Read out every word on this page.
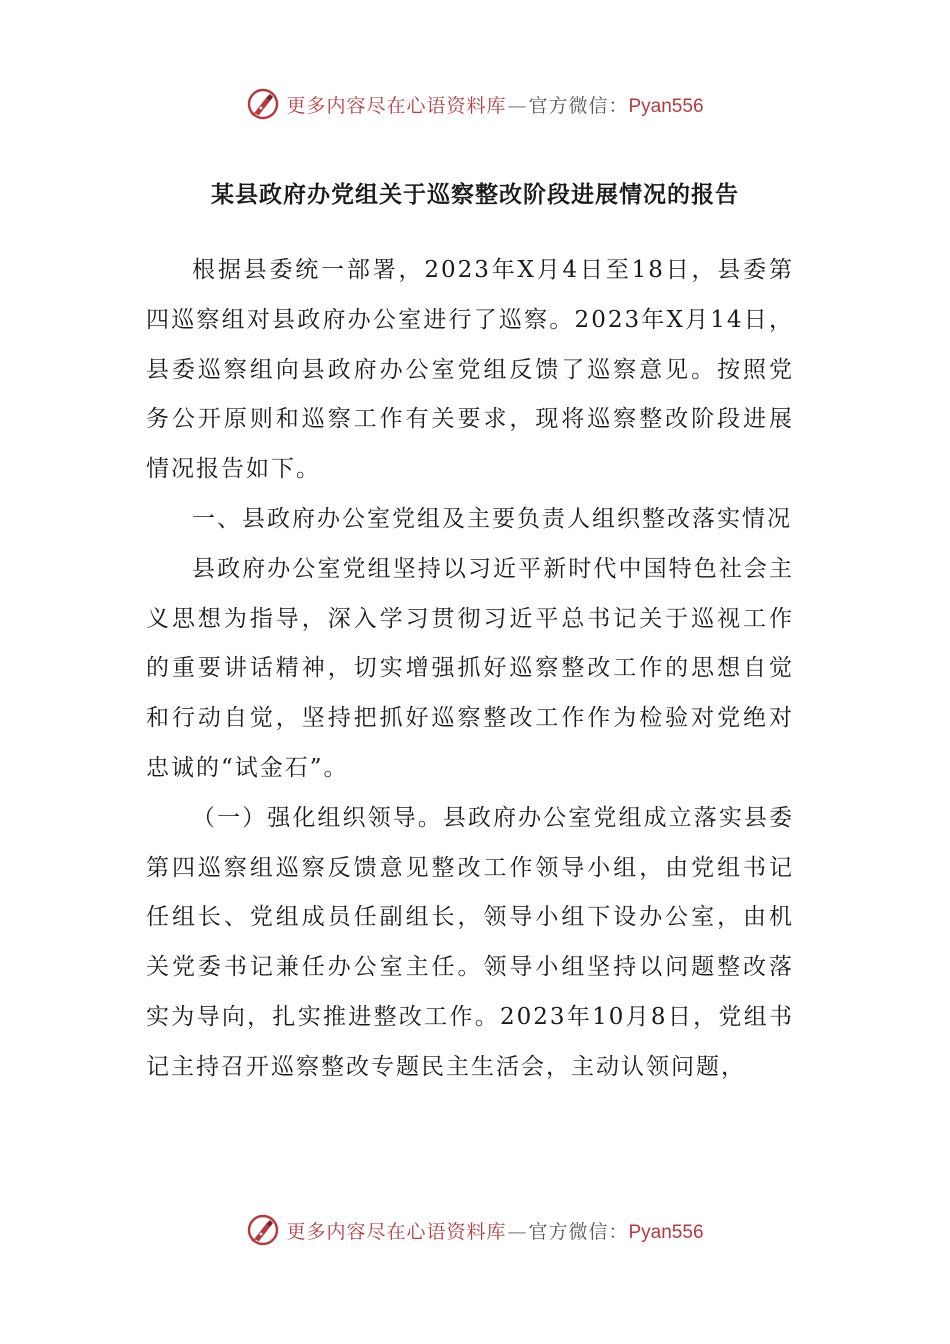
更多内容尽在心语资料库—官方微信：Pyan556
某县政府办党组关于巡察整改阶段进展情况的报告

根据县委统一部署，2023年X月4日至18日，县委第四巡察组对县政府办公室进行了巡察。2023年X月14日，县委巡察组向县政府办公室党组反馈了巡察意见。按照党务公开原则和巡察工作有关要求，现将巡察整改阶段进展情况报告如下。

一、县政府办公室党组及主要负责人组织整改落实情况

县政府办公室党组坚持以习近平新时代中国特色社会主义思想为指导，深入学习贯彻习近平总书记关于巡视工作的重要讲话精神，切实增强抓好巡察整改工作的思想自觉和行动自觉，坚持把抓好巡察整改工作作为检验对党绝对忠诚的“试金石”。

（一）强化组织领导。县政府办公室党组成立落实县委第四巡察组巡察反馈意见整改工作领导小组，由党组书记任组长、党组成员任副组长，领导小组下设办公室，由机关党委书记兼任办公室主任。领导小组坚持以问题整改落实为导向，扎实推进整改工作。2023年10月8日，党组书记主持召开巡察整改专题民主生活会，主动认领问题，

更多内容尽在心语资料库—官方微信：Pyan556
